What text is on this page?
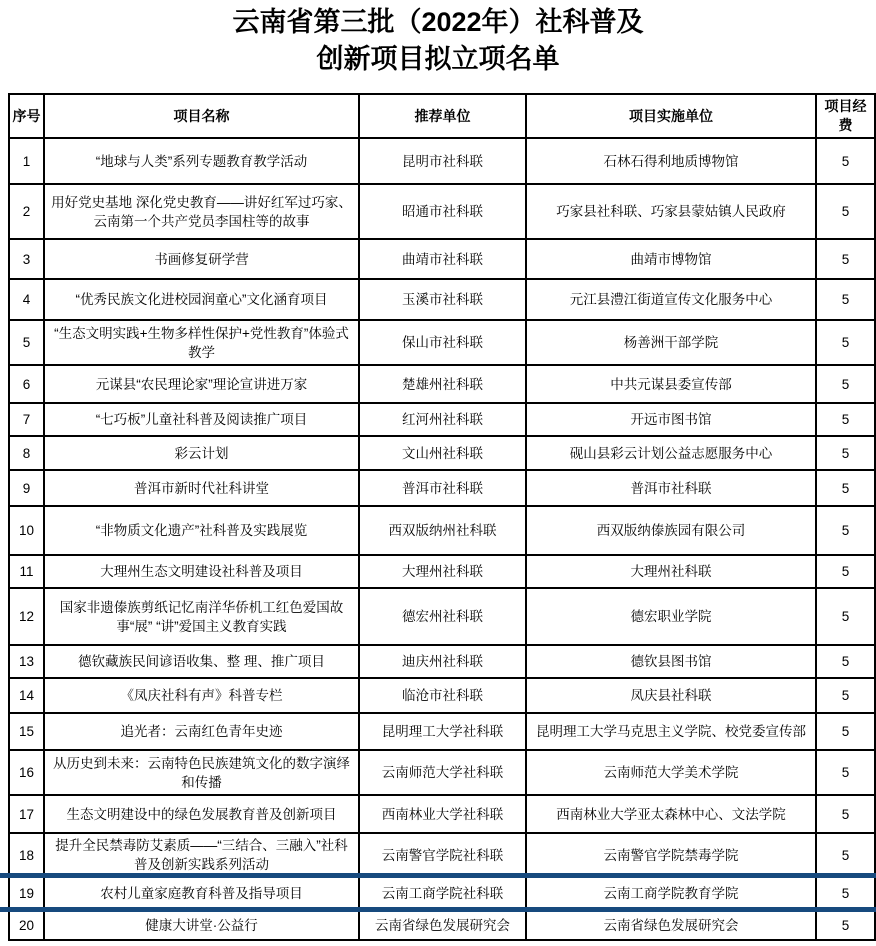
云南省第三批（2022年）社科普及
创新项目拟立项名单
序号	项目名称	推荐单位	项目实施单位	项目经费
1	“地球与人类”系列专题教育教学活动	昆明市社科联	石林石得利地质博物馆	5
2	用好党史基地 深化党史教育——讲好红军过巧家、云南第一个共产党员李国柱等的故事	昭通市社科联	巧家县社科联、巧家县蒙姑镇人民政府	5
3	书画修复研学营	曲靖市社科联	曲靖市博物馆	5
4	“优秀民族文化进校园润童心”文化涵育项目	玉溪市社科联	元江县澧江街道宣传文化服务中心	5
5	“生态文明实践+生物多样性保护+党性教育”体验式教学	保山市社科联	杨善洲干部学院	5
6	元谋县“农民理论家”理论宣讲进万家	楚雄州社科联	中共元谋县委宣传部	5
7	“七巧板”儿童社科普及阅读推广项目	红河州社科联	开远市图书馆	5
8	彩云计划	文山州社科联	砚山县彩云计划公益志愿服务中心	5
9	普洱市新时代社科讲堂	普洱市社科联	普洱市社科联	5
10	“非物质文化遗产”社科普及实践展览	西双版纳州社科联	西双版纳傣族园有限公司	5
11	大理州生态文明建设社科普及项目	大理州社科联	大理州社科联	5
12	国家非遗傣族剪纸记忆南洋华侨机工红色爱国故事“展” “讲”爱国主义教育实践	德宏州社科联	德宏职业学院	5
13	德钦藏族民间谚语收集、整 理、推广项目	迪庆州社科联	德钦县图书馆	5
14	《凤庆社科有声》科普专栏	临沧市社科联	凤庆县社科联	5
15	追光者：云南红色青年史迹	昆明理工大学社科联	昆明理工大学马克思主义学院、校党委宣传部	5
16	从历史到未来：云南特色民族建筑文化的数字演绎和传播	云南师范大学社科联	云南师范大学美术学院	5
17	生态文明建设中的绿色发展教育普及创新项目	西南林业大学社科联	西南林业大学亚太森林中心、文法学院	5
18	提升全民禁毒防艾素质——“三结合、三融入”社科普及创新实践系列活动	云南警官学院社科联	云南警官学院禁毒学院	5
19	农村儿童家庭教育科普及指导项目	云南工商学院社科联	云南工商学院教育学院	5
20	健康大讲堂·公益行	云南省绿色发展研究会	云南省绿色发展研究会	5
